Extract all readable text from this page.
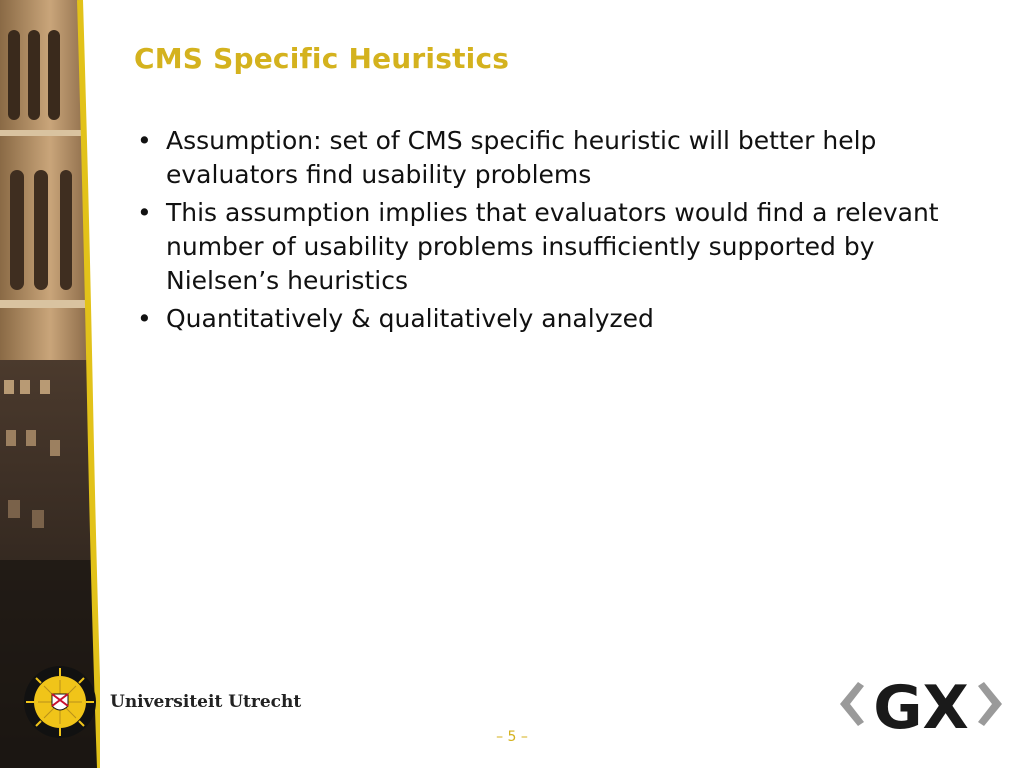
CMS Specific Heuristics
• Assumption: set of CMS specific heuristic will better help evaluators find usability problems
• This assumption implies that evaluators would find a relevant number of usability problems insufficiently supported by Nielsen’s heuristics
• Quantitatively & qualitatively analyzed
Universiteit Utrecht	GX
– 5 –
